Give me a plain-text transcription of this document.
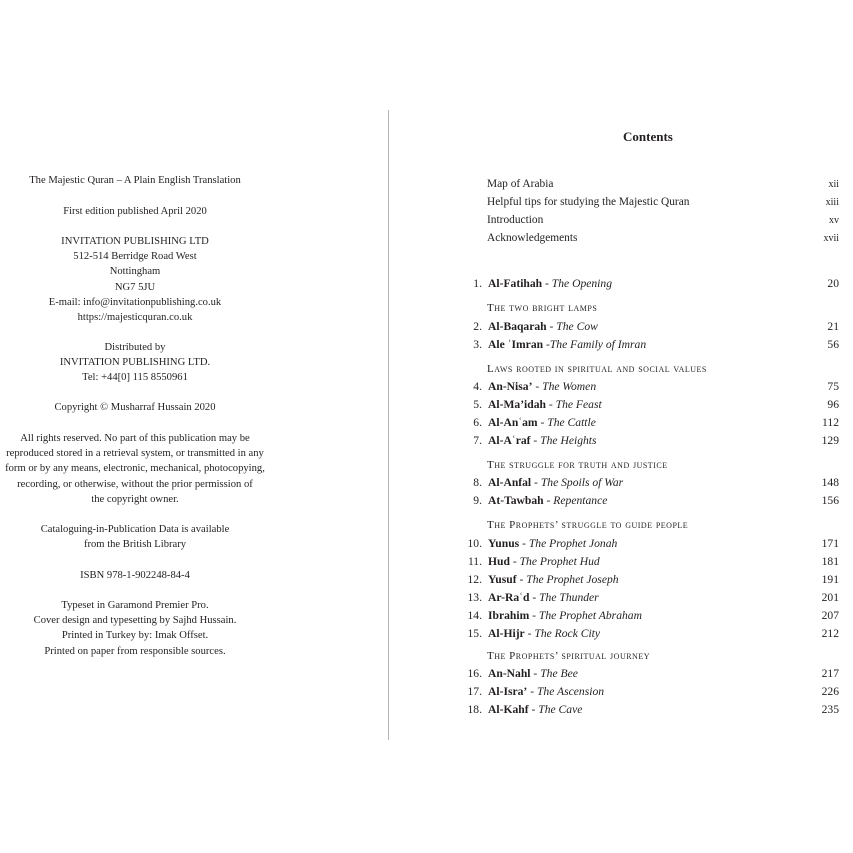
The Majestic Quran – A Plain English Translation
First edition published April 2020
INVITATION PUBLISHING LTD
512-514 Berridge Road West
Nottingham
NG7 5JU
E-mail: info@invitationpublishing.co.uk
https://majesticquran.co.uk
Distributed by
INVITATION PUBLISHING LTD.
Tel: +44[0] 115 8550961
Copyright © Musharraf Hussain 2020
All rights reserved. No part of this publication may be
reproduced stored in a retrieval system, or transmitted in any
form or by any means, electronic, mechanical, photocopying,
recording, or otherwise, without the prior permission of
the copyright owner.
Cataloguing-in-Publication Data is available
from the British Library
ISBN 978-1-902248-84-4
Typeset in Garamond Premier Pro.
Cover design and typesetting by Sajhd Hussain.
Printed in Turkey by: Imak Offset.
Printed on paper from responsible sources.
Contents
Map of Arabia	xii
Helpful tips for studying the Majestic Quran	xiii
Introduction	xv
Acknowledgements	xvii
The two bright lamps
Laws rooted in spiritual and social values
The struggle for truth and justice
The Prophets’ struggle to guide people
The Prophets’ spiritual journey
1. Al-Fatihah - The Opening	20
2. Al-Baqarah - The Cow	21
3. Ale ʿImran -The Family of Imran	56
4. An-Nisa’ - The Women	75
5. Al-Ma’idah - The Feast	96
6. Al-Anʿam - The Cattle	112
7. Al-Aʿraf - The Heights	129
8. Al-Anfal - The Spoils of War	148
9. At-Tawbah - Repentance	156
10. Yunus - The Prophet Jonah	171
11. Hud - The Prophet Hud	181
12. Yusuf - The Prophet Joseph	191
13. Ar-Raʿd - The Thunder	201
14. Ibrahim - The Prophet Abraham	207
15. Al-Hijr - The Rock City	212
16. An-Nahl - The Bee	217
17. Al-Isra’ - The Ascension	226
18. Al-Kahf - The Cave	235
